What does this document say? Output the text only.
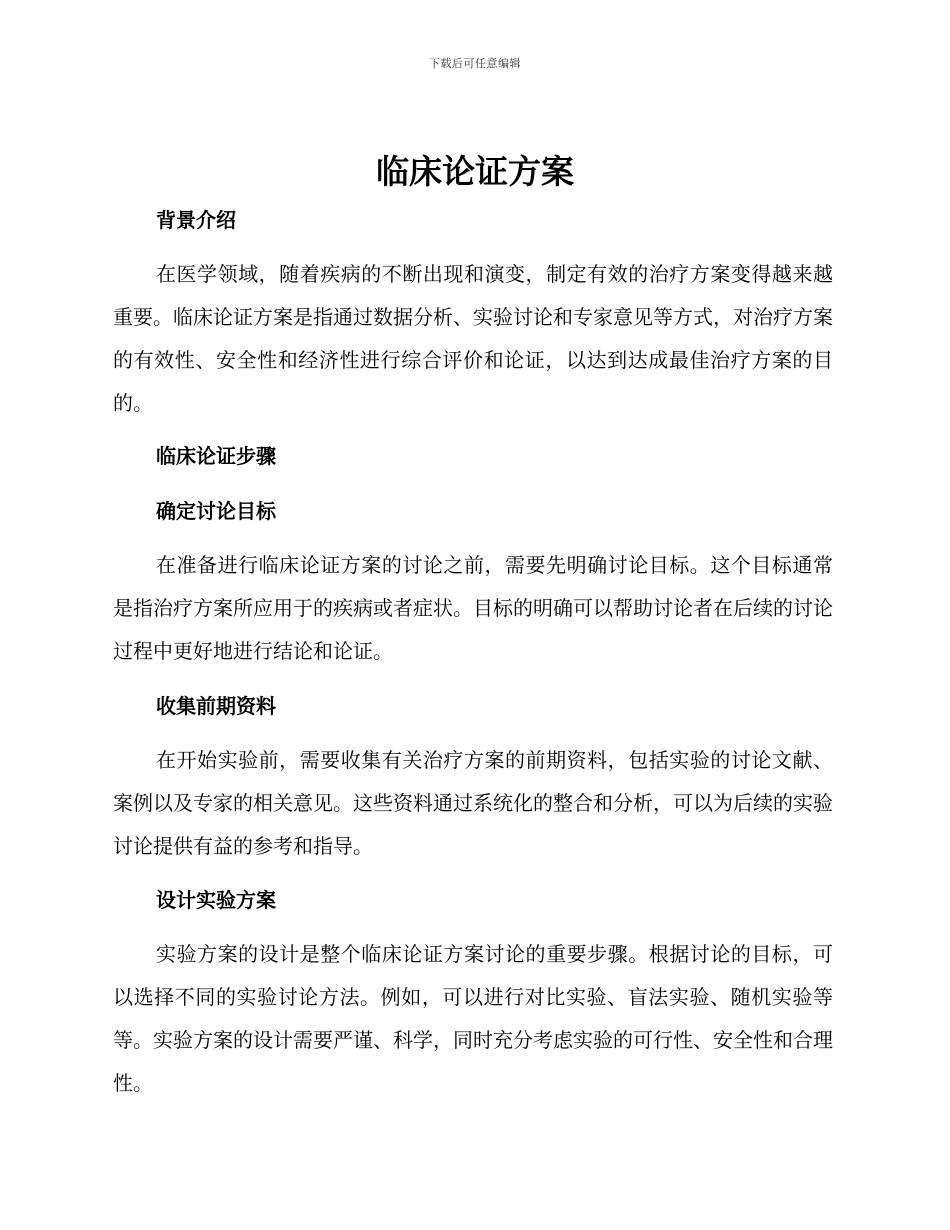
下载后可任意编辑
临床论证方案
背景介绍

在医学领域，随着疾病的不断出现和演变，制定有效的治疗方案变得越来越重要。临床论证方案是指通过数据分析、实验讨论和专家意见等方式，对治疗方案的有效性、安全性和经济性进行综合评价和论证，以达到达成最佳治疗方案的目的。

临床论证步骤
确定讨论目标

在准备进行临床论证方案的讨论之前，需要先明确讨论目标。这个目标通常是指治疗方案所应用于的疾病或者症状。目标的明确可以帮助讨论者在后续的讨论过程中更好地进行结论和论证。

收集前期资料

在开始实验前，需要收集有关治疗方案的前期资料，包括实验的讨论文献、案例以及专家的相关意见。这些资料通过系统化的整合和分析，可以为后续的实验讨论提供有益的参考和指导。

设计实验方案

实验方案的设计是整个临床论证方案讨论的重要步骤。根据讨论的目标，可以选择不同的实验讨论方法。例如，可以进行对比实验、盲法实验、随机实验等等。实验方案的设计需要严谨、科学，同时充分考虑实验的可行性、安全性和合理性。
